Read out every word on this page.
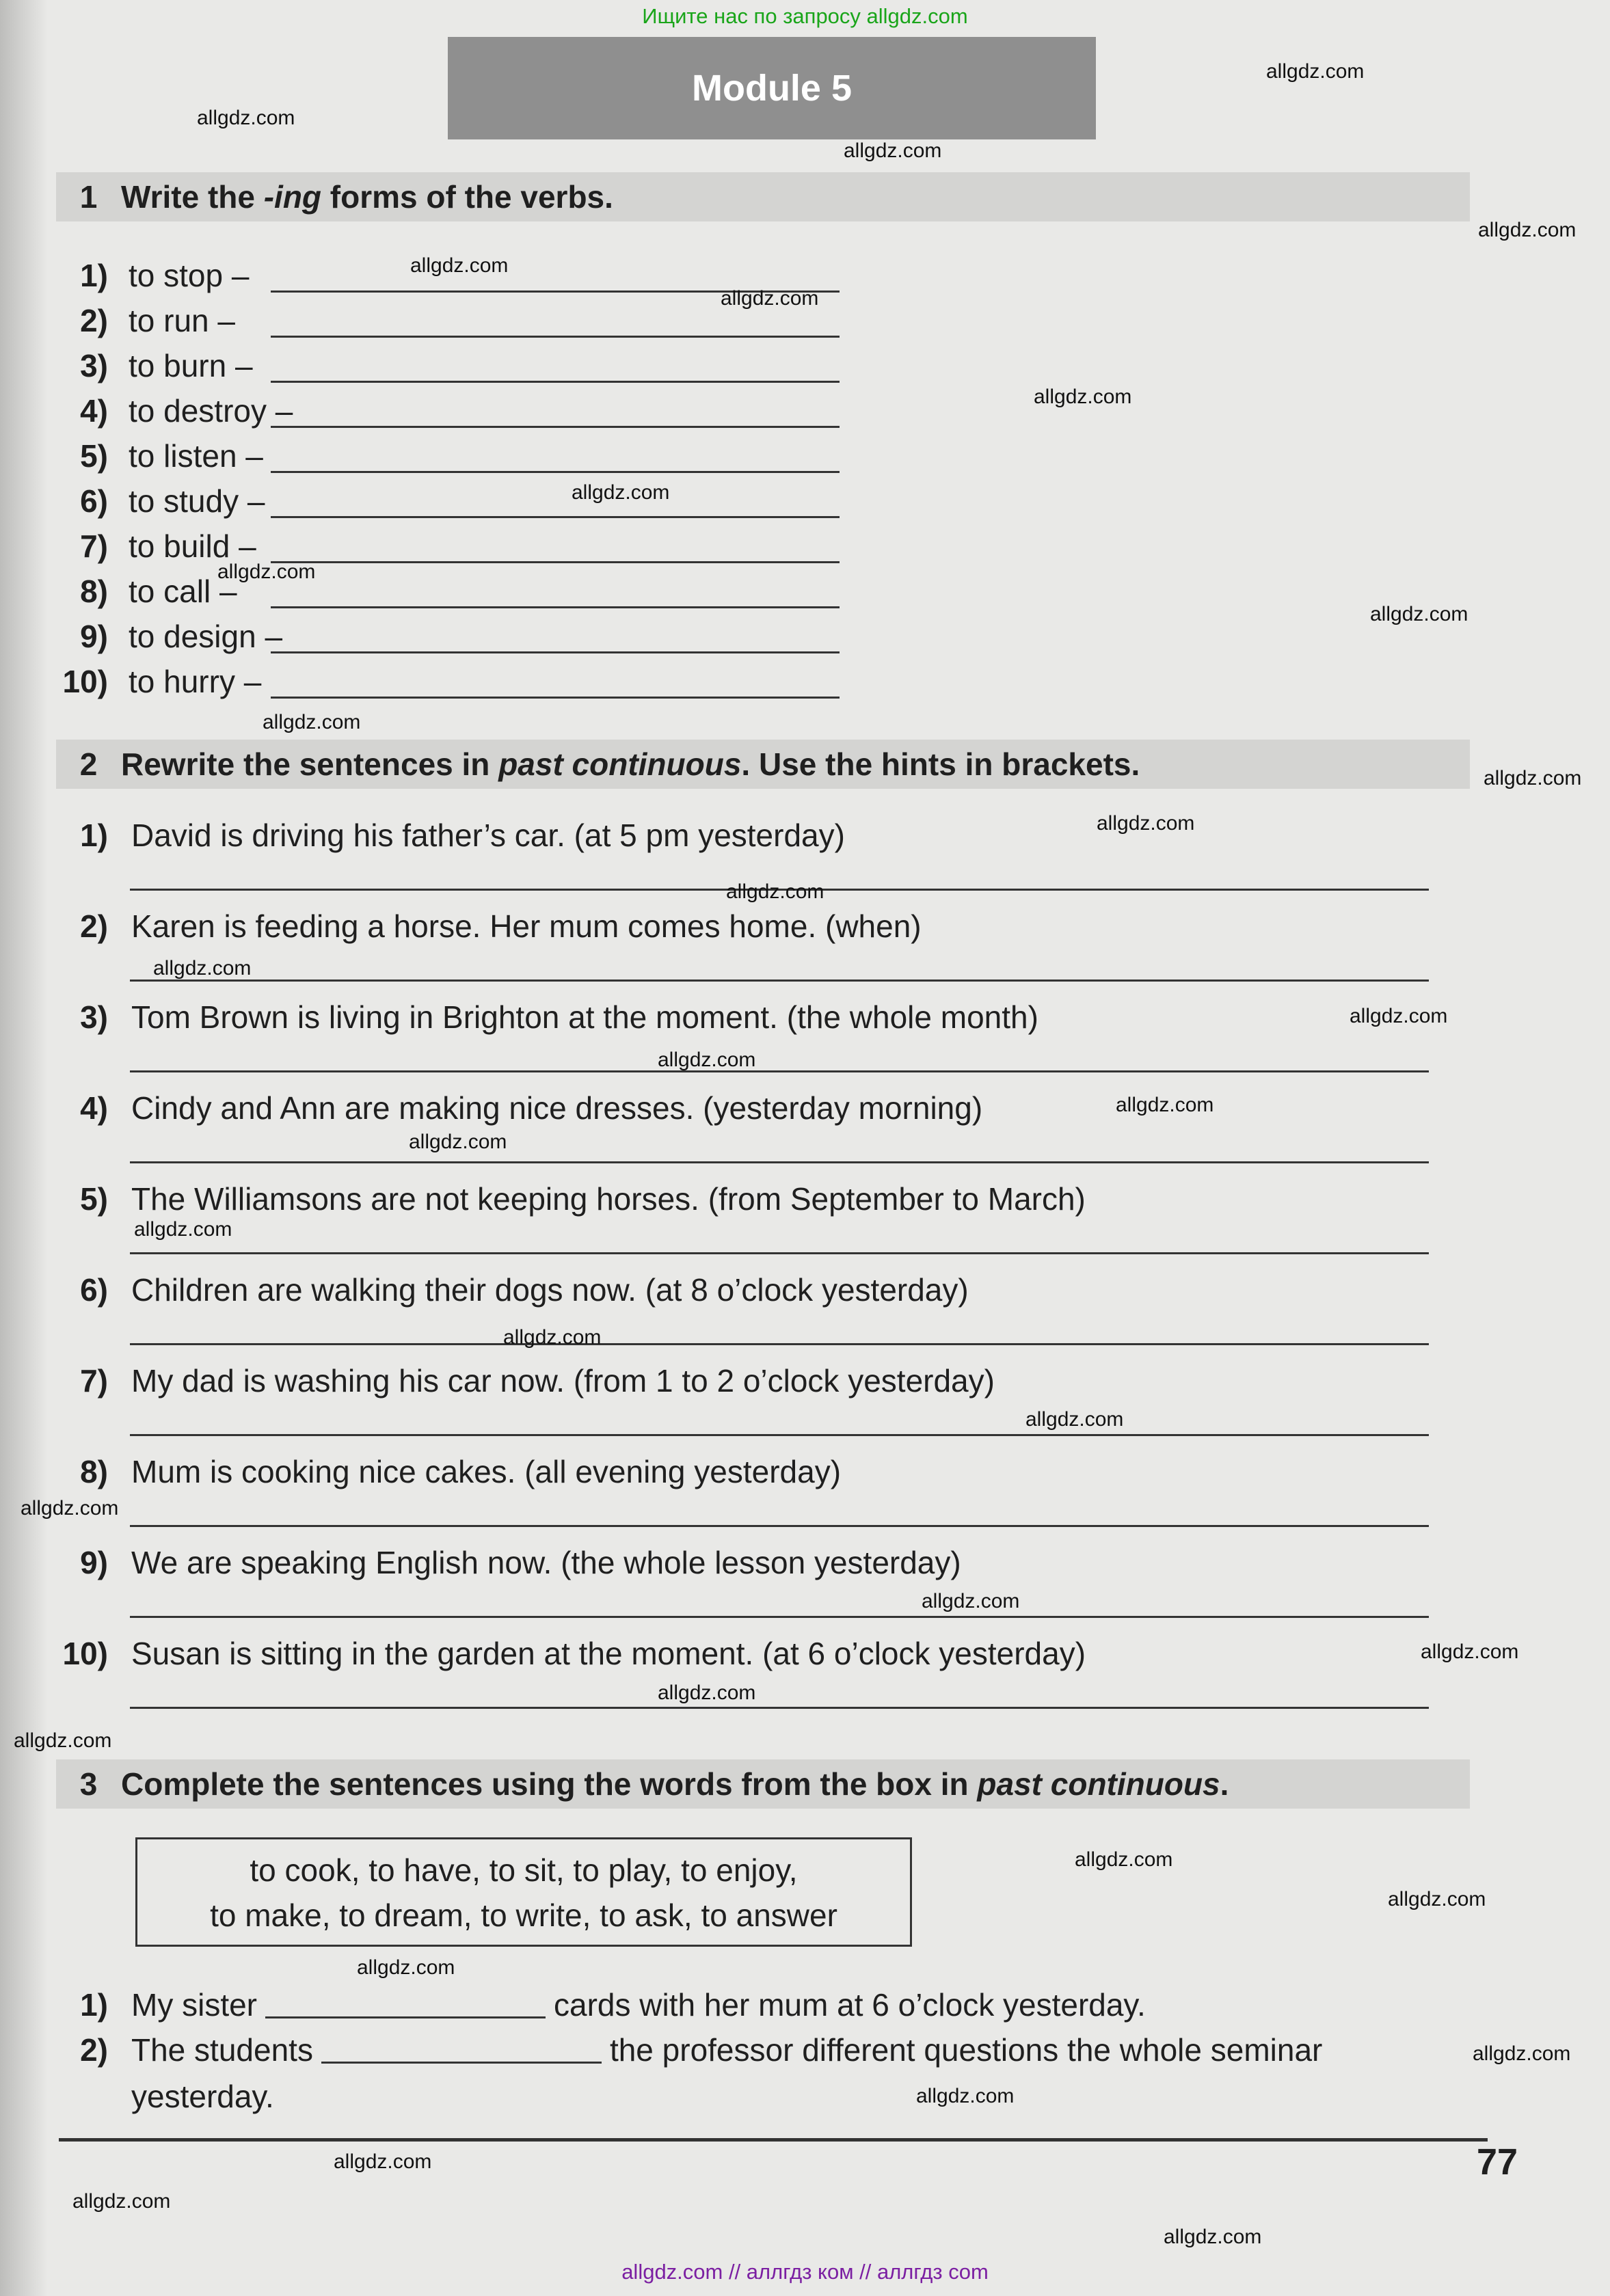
Ищите нас по запросу allgdz.com
Module 5
1 Write the -ing forms of the verbs.
1) to stop –
2) to run –
3) to burn –
4) to destroy –
5) to listen –
6) to study –
7) to build –
8) to call –
9) to design –
10) to hurry –
2 Rewrite the sentences in past continuous. Use the hints in brackets.
1) David is driving his father’s car. (at 5 pm yesterday)
2) Karen is feeding a horse. Her mum comes home. (when)
3) Tom Brown is living in Brighton at the moment. (the whole month)
4) Cindy and Ann are making nice dresses. (yesterday morning)
5) The Williamsons are not keeping horses. (from September to March)
6) Children are walking their dogs now. (at 8 o’clock yesterday)
7) My dad is washing his car now. (from 1 to 2 o’clock yesterday)
8) Mum is cooking nice cakes. (all evening yesterday)
9) We are speaking English now. (the whole lesson yesterday)
10) Susan is sitting in the garden at the moment. (at 6 o’clock yesterday)
3 Complete the sentences using the words from the box in past continuous.
to cook, to have, to sit, to play, to enjoy,
to make, to dream, to write, to ask, to answer
1) My sister	cards with her mum at 6 o’clock yesterday.
2) The students	the professor different questions the whole seminar
yesterday.
77
allgdz.com
allgdz.com
allgdz.com
allgdz.com
allgdz.com
allgdz.com
allgdz.com
allgdz.com
allgdz.com
allgdz.com
allgdz.com
allgdz.com
allgdz.com
allgdz.com
allgdz.com
allgdz.com
allgdz.com
allgdz.com
allgdz.com
allgdz.com
allgdz.com
allgdz.com
allgdz.com
allgdz.com
allgdz.com
allgdz.com
allgdz.com
allgdz.com
allgdz.com
allgdz.com
allgdz.com
allgdz.com
allgdz.com
allgdz.com
allgdz.com
allgdz.com // аллгдз ком // аллгдз com
